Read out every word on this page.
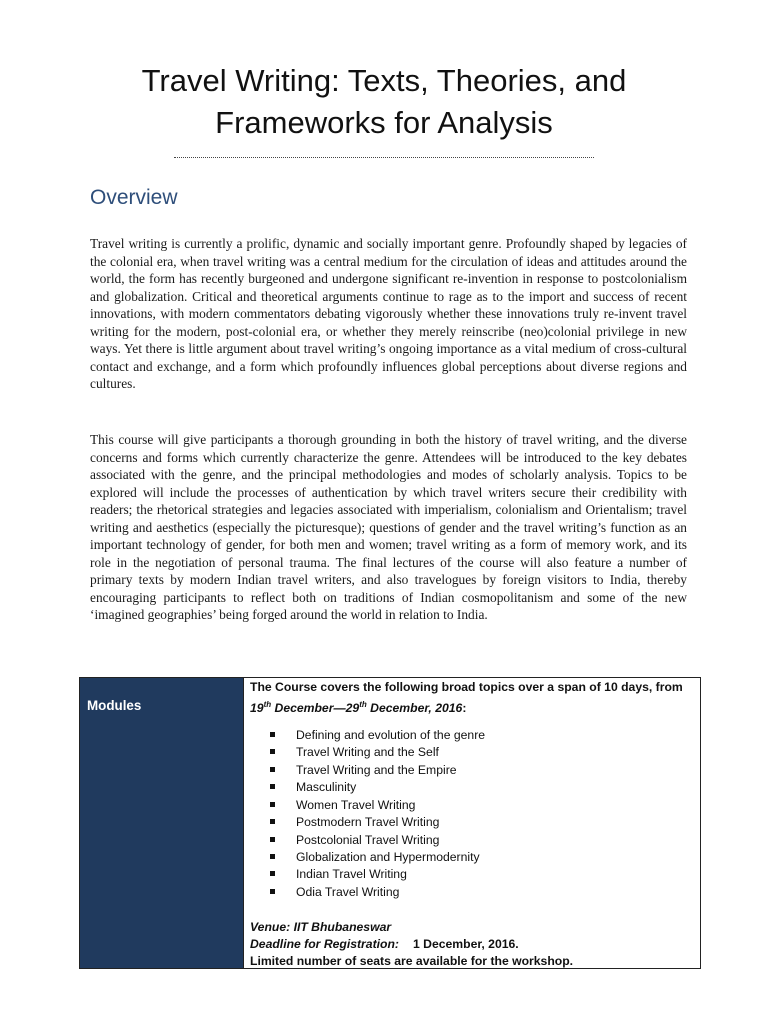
Travel Writing: Texts, Theories, and
Frameworks for Analysis
Overview

Travel writing is currently a prolific, dynamic and socially important genre. Profoundly shaped by legacies of the colonial era, when travel writing was a central medium for the circulation of ideas and attitudes around the world, the form has recently burgeoned and undergone significant re-invention in response to postcolonialism and globalization. Critical and theoretical arguments continue to rage as to the import and success of recent innovations, with modern commentators debating vigorously whether these innovations truly re-invent travel writing for the modern, post-colonial era, or whether they merely reinscribe (neo)colonial privilege in new ways. Yet there is little argument about travel writing’s ongoing importance as a vital medium of cross-cultural contact and exchange, and a form which profoundly influences global perceptions about diverse regions and cultures.

This course will give participants a thorough grounding in both the history of travel writing, and the diverse concerns and forms which currently characterize the genre. Attendees will be introduced to the key debates associated with the genre, and the principal methodologies and modes of scholarly analysis. Topics to be explored will include the processes of authentication by which travel writers secure their credibility with readers; the rhetorical strategies and legacies associated with imperialism, colonialism and Orientalism; travel writing and aesthetics (especially the picturesque); questions of gender and the travel writing’s function as an important technology of gender, for both men and women; travel writing as a form of memory work, and its role in the negotiation of personal trauma. The final lectures of the course will also feature a number of primary texts by modern Indian travel writers, and also travelogues by foreign visitors to India, thereby encouraging participants to reflect both on traditions of Indian cosmopolitanism and some of the new ‘imagined geographies’ being forged around the world in relation to India.

Modules

The Course covers the following broad topics over a span of 10 days, from 19th December—29th December, 2016:

Defining and evolution of the genre
Travel Writing and the Self
Travel Writing and the Empire
Masculinity
Women Travel Writing
Postmodern Travel Writing
Postcolonial Travel Writing
Globalization and Hypermodernity
Indian Travel Writing
Odia Travel Writing
Venue: IIT Bhubaneswar
Deadline for Registration: 1 December, 2016.
Limited number of seats are available for the workshop.
